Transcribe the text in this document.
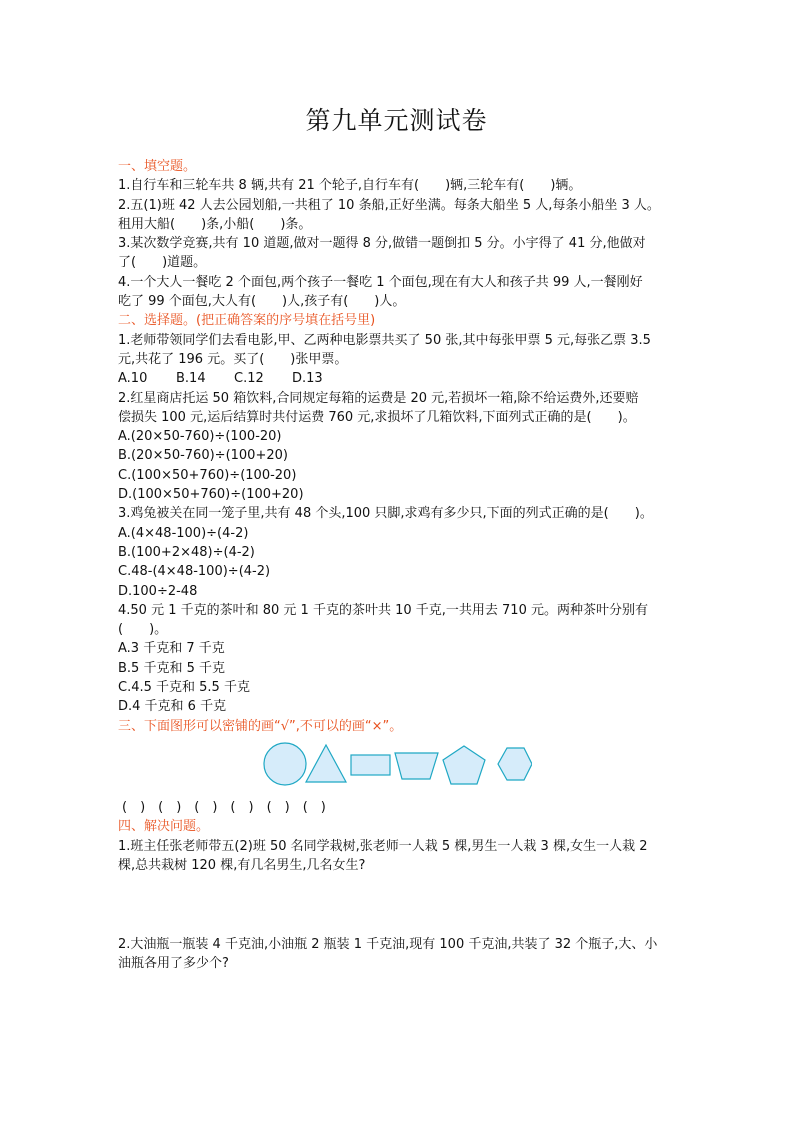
第九单元测试卷
一、填空题。
1.自行车和三轮车共 8 辆,共有 21 个轮子,自行车有(　　)辆,三轮车有(　　)辆。
2.五(1)班 42 人去公园划船,一共租了 10 条船,正好坐满。每条大船坐 5 人,每条小船坐 3 人。
租用大船(　　)条,小船(　　)条。
3.某次数学竞赛,共有 10 道题,做对一题得 8 分,做错一题倒扣 5 分。小宇得了 41 分,他做对
了(　　)道题。
4.一个大人一餐吃 2 个面包,两个孩子一餐吃 1 个面包,现在有大人和孩子共 99 人,一餐刚好
吃了 99 个面包,大人有(　　)人,孩子有(　　)人。
二、选择题。(把正确答案的序号填在括号里)
1.老师带领同学们去看电影,甲、乙两种电影票共买了 50 张,其中每张甲票 5 元,每张乙票 3.5
元,共花了 196 元。买了(　　)张甲票。
A.10	B.14	C.12	D.13
2.红星商店托运 50 箱饮料,合同规定每箱的运费是 20 元,若损坏一箱,除不给运费外,还要赔
偿损失 100 元,运后结算时共付运费 760 元,求损坏了几箱饮料,下面列式正确的是(　　)。
A.(20×50-760)÷(100-20)
B.(20×50-760)÷(100+20)
C.(100×50+760)÷(100-20)
D.(100×50+760)÷(100+20)
3.鸡兔被关在同一笼子里,共有 48 个头,100 只脚,求鸡有多少只,下面的列式正确的是(　　)。
A.(4×48-100)÷(4-2)
B.(100+2×48)÷(4-2)
C.48-(4×48-100)÷(4-2)
D.100÷2-48
4.50 元 1 千克的茶叶和 80 元 1 千克的茶叶共 10 千克,一共用去 710 元。两种茶叶分别有
(　　)。
A.3 千克和 7 千克
B.5 千克和 5 千克
C.4.5 千克和 5.5 千克
D.4 千克和 6 千克
三、下面图形可以密铺的画“√”,不可以的画“×”。
(　)　(　)　(　)　(　)　(　)　(　)
四、解决问题。
1.班主任张老师带五(2)班 50 名同学栽树,张老师一人栽 5 棵,男生一人栽 3 棵,女生一人栽 2
棵,总共栽树 120 棵,有几名男生,几名女生?
2.大油瓶一瓶装 4 千克油,小油瓶 2 瓶装 1 千克油,现有 100 千克油,共装了 32 个瓶子,大、小
油瓶各用了多少个?
